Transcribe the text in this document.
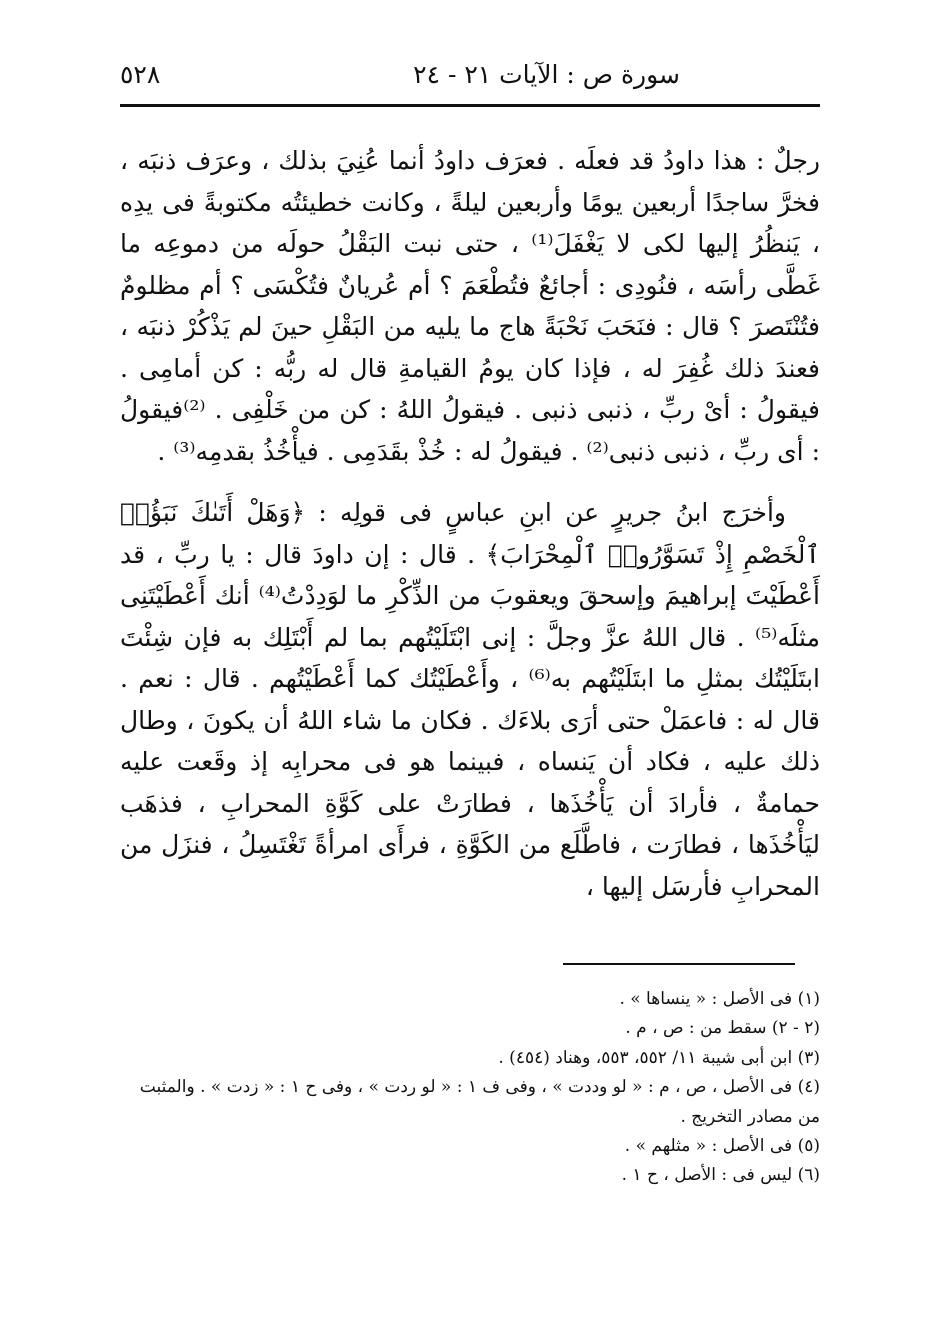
سورة ص : الآيات ٢١ - ٢٤
٥٢٨

رجلٌ : هذا داودُ قد فعلَه . فعرَف داودُ أنما عُنِيَ بذلك ، وعرَف ذنبَه ، فخرَّ ساجدًا أربعين يومًا وأربعين ليلةً ، وكانت خطيئتُه مكتوبةً فى يدِه ، يَنظُرُ إليها لكى لا يَغْفَلَ⁽¹⁾ ، حتى نبت البَقْلُ حولَه من دموعِه ما غَطَّى رأسَه ، فنُودِى : أجائعٌ فتُطْعَمَ ؟ أم عُريانٌ فتُكْسَى ؟ أم مظلومٌ فتُنْتَصرَ ؟ قال : فنَحَبَ نَحْبَةً هاج ما يليه من البَقْلِ حينَ لم يَذْكُرْ ذنبَه ، فعندَ ذلك غُفِرَ له ، فإذا كان يومُ القيامةِ قال له ربُّه : كن أمامِى . فيقولُ : أىْ ربِّ ، ذنبى ذنبى . فيقولُ اللهُ : كن من خَلْفِى . ⁽²⁾فيقولُ : أى ربِّ ، ذنبى ذنبى⁽²⁾ . فيقولُ له : خُذْ بقَدَمِى . فيأْخُذُ بقدمِه⁽³⁾ .

وأخرَج ابنُ جريرٍ عن ابنِ عباسٍ فى قولِه : ﴿وَهَلْ أَتَىٰكَ نَبَؤُا۟ ٱلْخَصْمِ إِذْ تَسَوَّرُوا۟ ٱلْمِحْرَابَ﴾ . قال : إن داودَ قال : يا ربِّ ، قد أَعْطَيْتَ إبراهيمَ وإسحقَ ويعقوبَ من الذِّكْرِ ما لوَدِدْتُ⁽⁴⁾ أنك أَعْطَيْتَنِى مثلَه⁽⁵⁾ . قال اللهُ عزَّ وجلَّ : إنى ابْتَلَيْتُهم بما لم أَبْتَلِك به فإن شِئْتَ ابتَلَيْتُك بمثلِ ما ابتَلَيْتُهم به⁽⁶⁾ ، وأَعْطَيْتُك كما أَعْطَيْتُهم . قال : نعم . قال له : فاعمَلْ حتى أرَى بلاءَك . فكان ما شاء اللهُ أن يكونَ ، وطال ذلك عليه ، فكاد أن يَنساه ، فبينما هو فى محرابِه إذ وقَعت عليه حمامةٌ ، فأرادَ أن يَأْخُذَها ، فطارَتْ على كَوَّةِ المحرابِ ، فذهَب ليَأْخُذَها ، فطارَت ، فاطَّلَع من الكَوَّةِ ، فرأَى امرأةً تَغْتَسِلُ ، فنزَل من المحرابِ فأرسَل إليها ،

(١) فى الأصل : « ينساها » .

(٢ - ٢) سقط من : ص ، م .

(٣) ابن أبى شيبة ١١/ ٥٥٢، ٥٥٣، وهناد (٤٥٤) .

(٤) فى الأصل ، ص ، م : « لو وددت » ، وفى ف ١ : « لو ردت » ، وفى ح ١ : « زدت » . والمثبت من مصادر التخريج .

(٥) فى الأصل : « مثلهم » .

(٦) ليس فى : الأصل ، ح ١ .
